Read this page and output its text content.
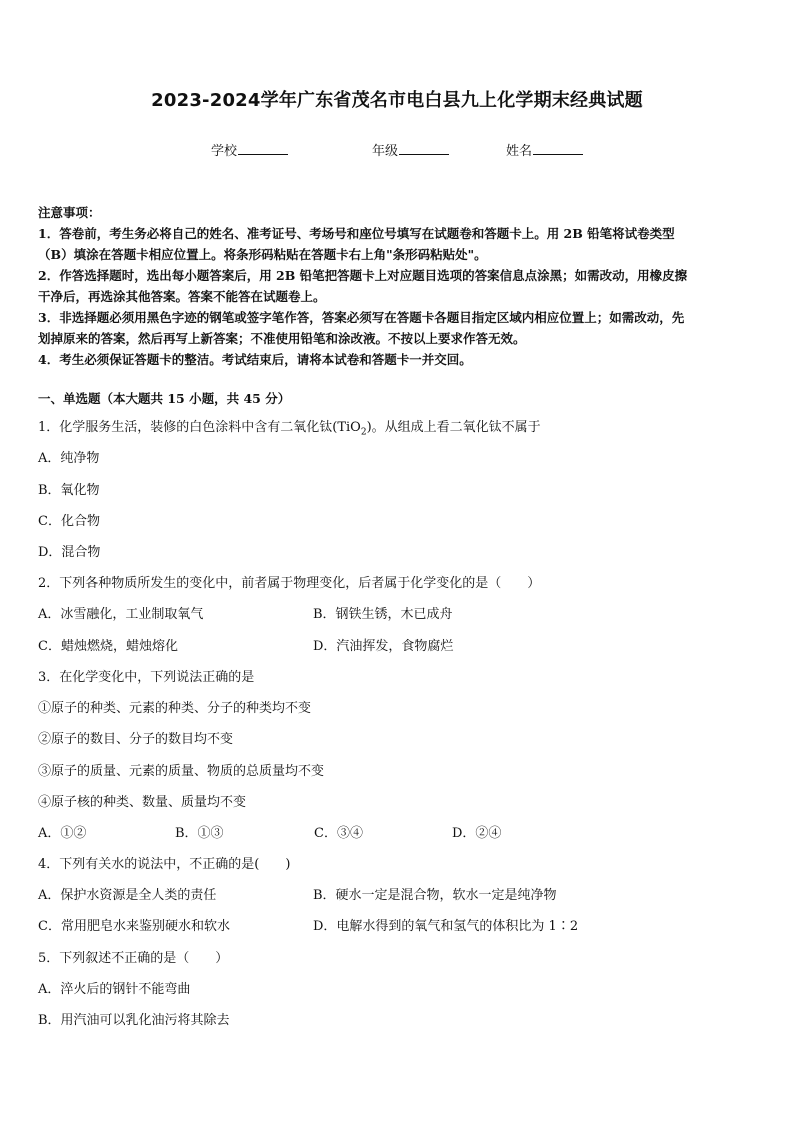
2023-2024学年广东省茂名市电白县九上化学期末经典试题
学校	年级	姓名

注意事项：

1．答卷前，考生务必将自己的姓名、准考证号、考场号和座位号填写在试题卷和答题卡上。用 2B 铅笔将试卷类型

（B）填涂在答题卡相应位置上。将条形码粘贴在答题卡右上角"条形码粘贴处"。

2．作答选择题时，选出每小题答案后，用 2B 铅笔把答题卡上对应题目选项的答案信息点涂黑；如需改动，用橡皮擦

干净后，再选涂其他答案。答案不能答在试题卷上。

3．非选择题必须用黑色字迹的钢笔或签字笔作答，答案必须写在答题卡各题目指定区域内相应位置上；如需改动，先

划掉原来的答案，然后再写上新答案；不准使用铅笔和涂改液。不按以上要求作答无效。

4．考生必须保证答题卡的整洁。考试结束后，请将本试卷和答题卡一并交回。

一、单选题（本大题共 15 小题，共 45 分）
1．化学服务生活，装修的白色涂料中含有二氧化钛(TiO$_2$)。从组成上看二氧化钛不属于
A．纯净物
B．氧化物
C．化合物
D．混合物
2．下列各种物质所发生的变化中，前者属于物理变化，后者属于化学变化的是（　　）
A．冰雪融化，工业制取氧气	B．钢铁生锈，木已成舟
C．蜡烛燃烧，蜡烛熔化	D．汽油挥发，食物腐烂
3．在化学变化中，下列说法正确的是
①原子的种类、元素的种类、分子的种类均不变
②原子的数目、分子的数目均不变
③原子的质量、元素的质量、物质的总质量均不变
④原子核的种类、数量、质量均不变
A．①②	B．①③	C．③④	D．②④
4．下列有关水的说法中，不正确的是(　　)
A．保护水资源是全人类的责任	B．硬水一定是混合物，软水一定是纯净物
C．常用肥皂水来鉴别硬水和软水	D．电解水得到的氧气和氢气的体积比为 1∶2
5．下列叙述不正确的是（　　）
A．淬火后的钢针不能弯曲
B．用汽油可以乳化油污将其除去
